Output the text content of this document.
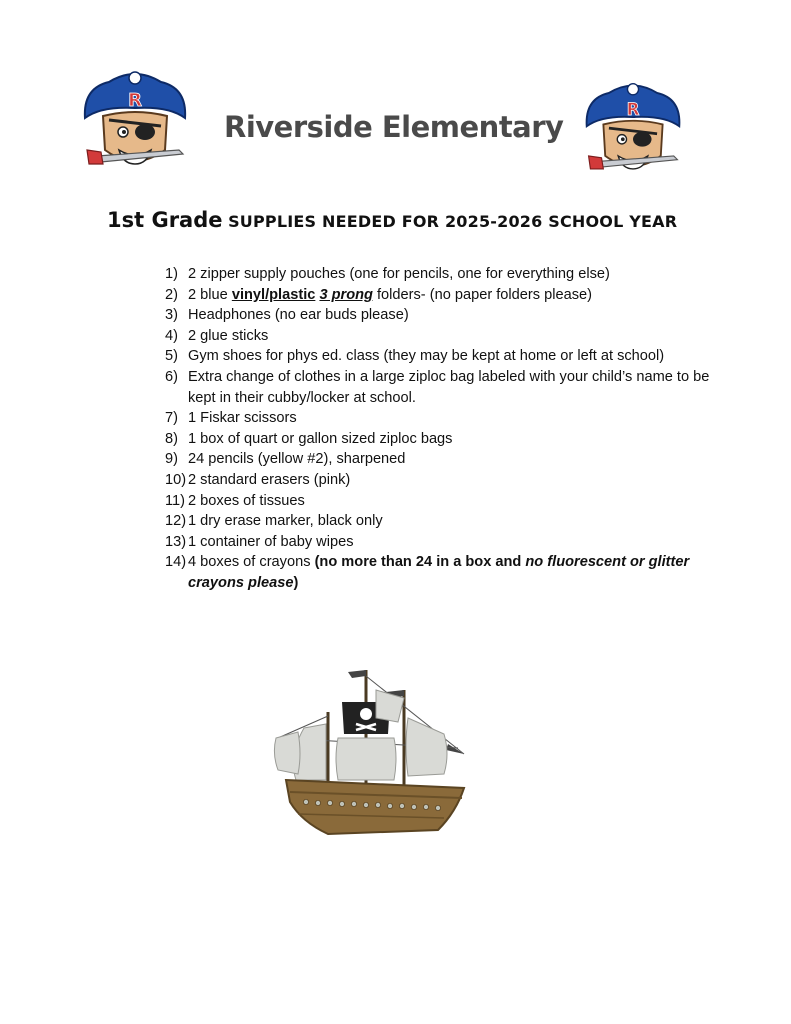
R
Riverside Elementary
R
1st Grade SUPPLIES NEEDED FOR 2025-2026 SCHOOL YEAR
1) 2 zipper supply pouches (one for pencils, one for everything else)
2) 2 blue vinyl/plastic 3 prong folders- (no paper folders please)
3) Headphones (no ear buds please)
4) 2 glue sticks
5) Gym shoes for phys ed. class (they may be kept at home or left at school)
6) Extra change of clothes in a large ziploc bag labeled with your child’s name to be kept in their cubby/locker at school.
7) 1 Fiskar scissors
8) 1 box of quart or gallon sized ziploc bags
9) 24 pencils (yellow #2), sharpened
10) 2 standard erasers (pink)
11) 2 boxes of tissues
12) 1 dry erase marker, black only
13) 1 container of baby wipes
14) 4 boxes of crayons (no more than 24 in a box and no fluorescent or glitter crayons please)
